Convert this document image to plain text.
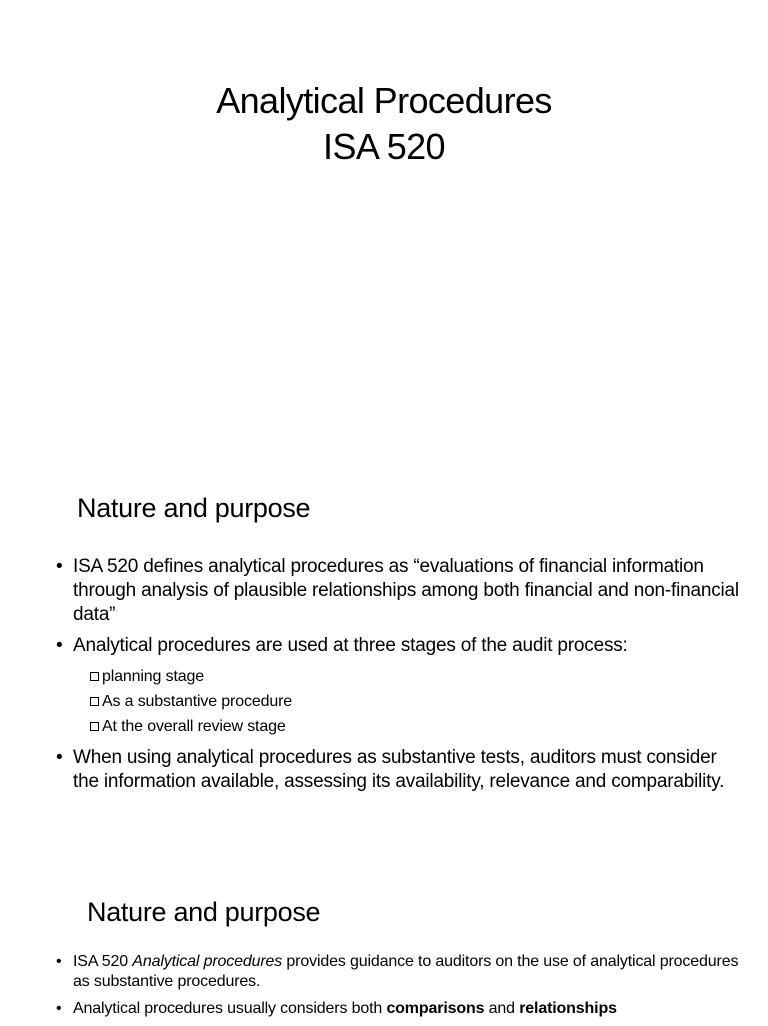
Analytical Procedures
ISA 520
Nature and purpose
• ISA 520 defines analytical procedures as “evaluations of financial information through analysis of plausible relationships among both financial and non-financial data”
• Analytical procedures are used at three stages of the audit process:
planning stage
As a substantive procedure
At the overall review stage
• When using analytical procedures as substantive tests, auditors must consider the information available, assessing its availability, relevance and comparability.
Nature and purpose
• ISA 520 Analytical procedures provides guidance to auditors on the use of analytical procedures as substantive procedures.
• Analytical procedures usually considers both comparisons and relationships
